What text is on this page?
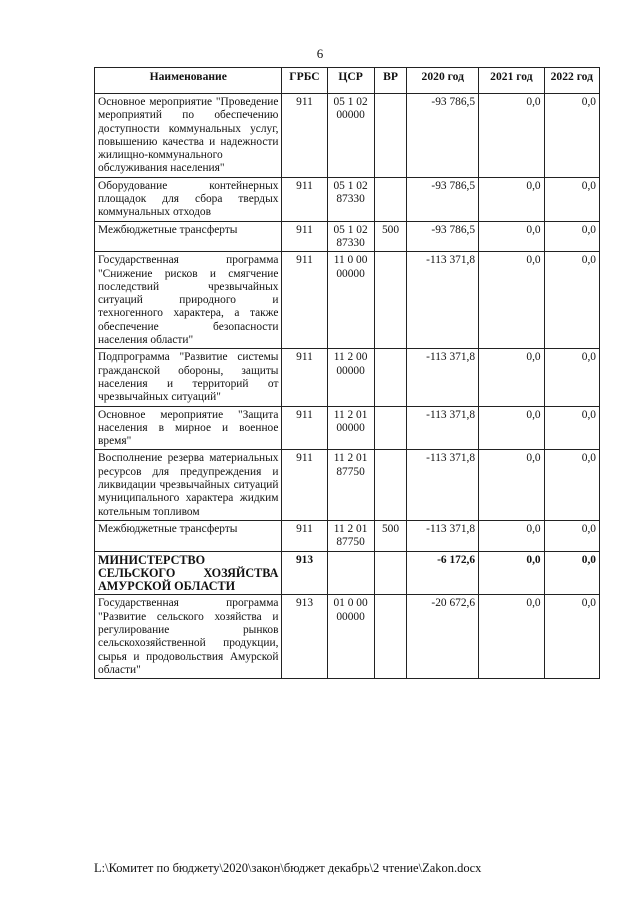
6
Наименование	ГРБС	ЦСР	ВР	2020 год	2021 год	2022 год
Основное мероприятие "Проведение мероприятий по обеспечению доступности коммунальных услуг, повышению качества и надежности жилищно-коммунального обслуживания населения"	911	05 1 02 00000		-93 786,5	0,0	0,0
Оборудование контейнерных площадок для сбора твердых коммунальных отходов	911	05 1 02 87330		-93 786,5	0,0	0,0
Межбюджетные трансферты	911	05 1 02 87330	500	-93 786,5	0,0	0,0
Государственная программа "Снижение рисков и смягчение последствий чрезвычайных ситуаций природного и техногенного характера, а также обеспечение безопасности населения области"	911	11 0 00 00000		-113 371,8	0,0	0,0
Подпрограмма "Развитие системы гражданской обороны, защиты населения и территорий от чрезвычайных ситуаций"	911	11 2 00 00000		-113 371,8	0,0	0,0
Основное мероприятие "Защита населения в мирное и военное время"	911	11 2 01 00000		-113 371,8	0,0	0,0
Восполнение резерва материальных ресурсов для предупреждения и ликвидации чрезвычайных ситуаций муниципального характера жидким котельным топливом	911	11 2 01 87750		-113 371,8	0,0	0,0
Межбюджетные трансферты	911	11 2 01 87750	500	-113 371,8	0,0	0,0
МИНИСТЕРСТВО СЕЛЬСКОГО ХОЗЯЙСТВА АМУРСКОЙ ОБЛАСТИ	913			-6 172,6	0,0	0,0
Государственная программа "Развитие сельского хозяйства и регулирование рынков сельскохозяйственной продукции, сырья и продовольствия Амурской области"	913	01 0 00 00000		-20 672,6	0,0	0,0
L:\Комитет по бюджету\2020\закон\бюджет декабрь\2 чтение\Zakon.docx
